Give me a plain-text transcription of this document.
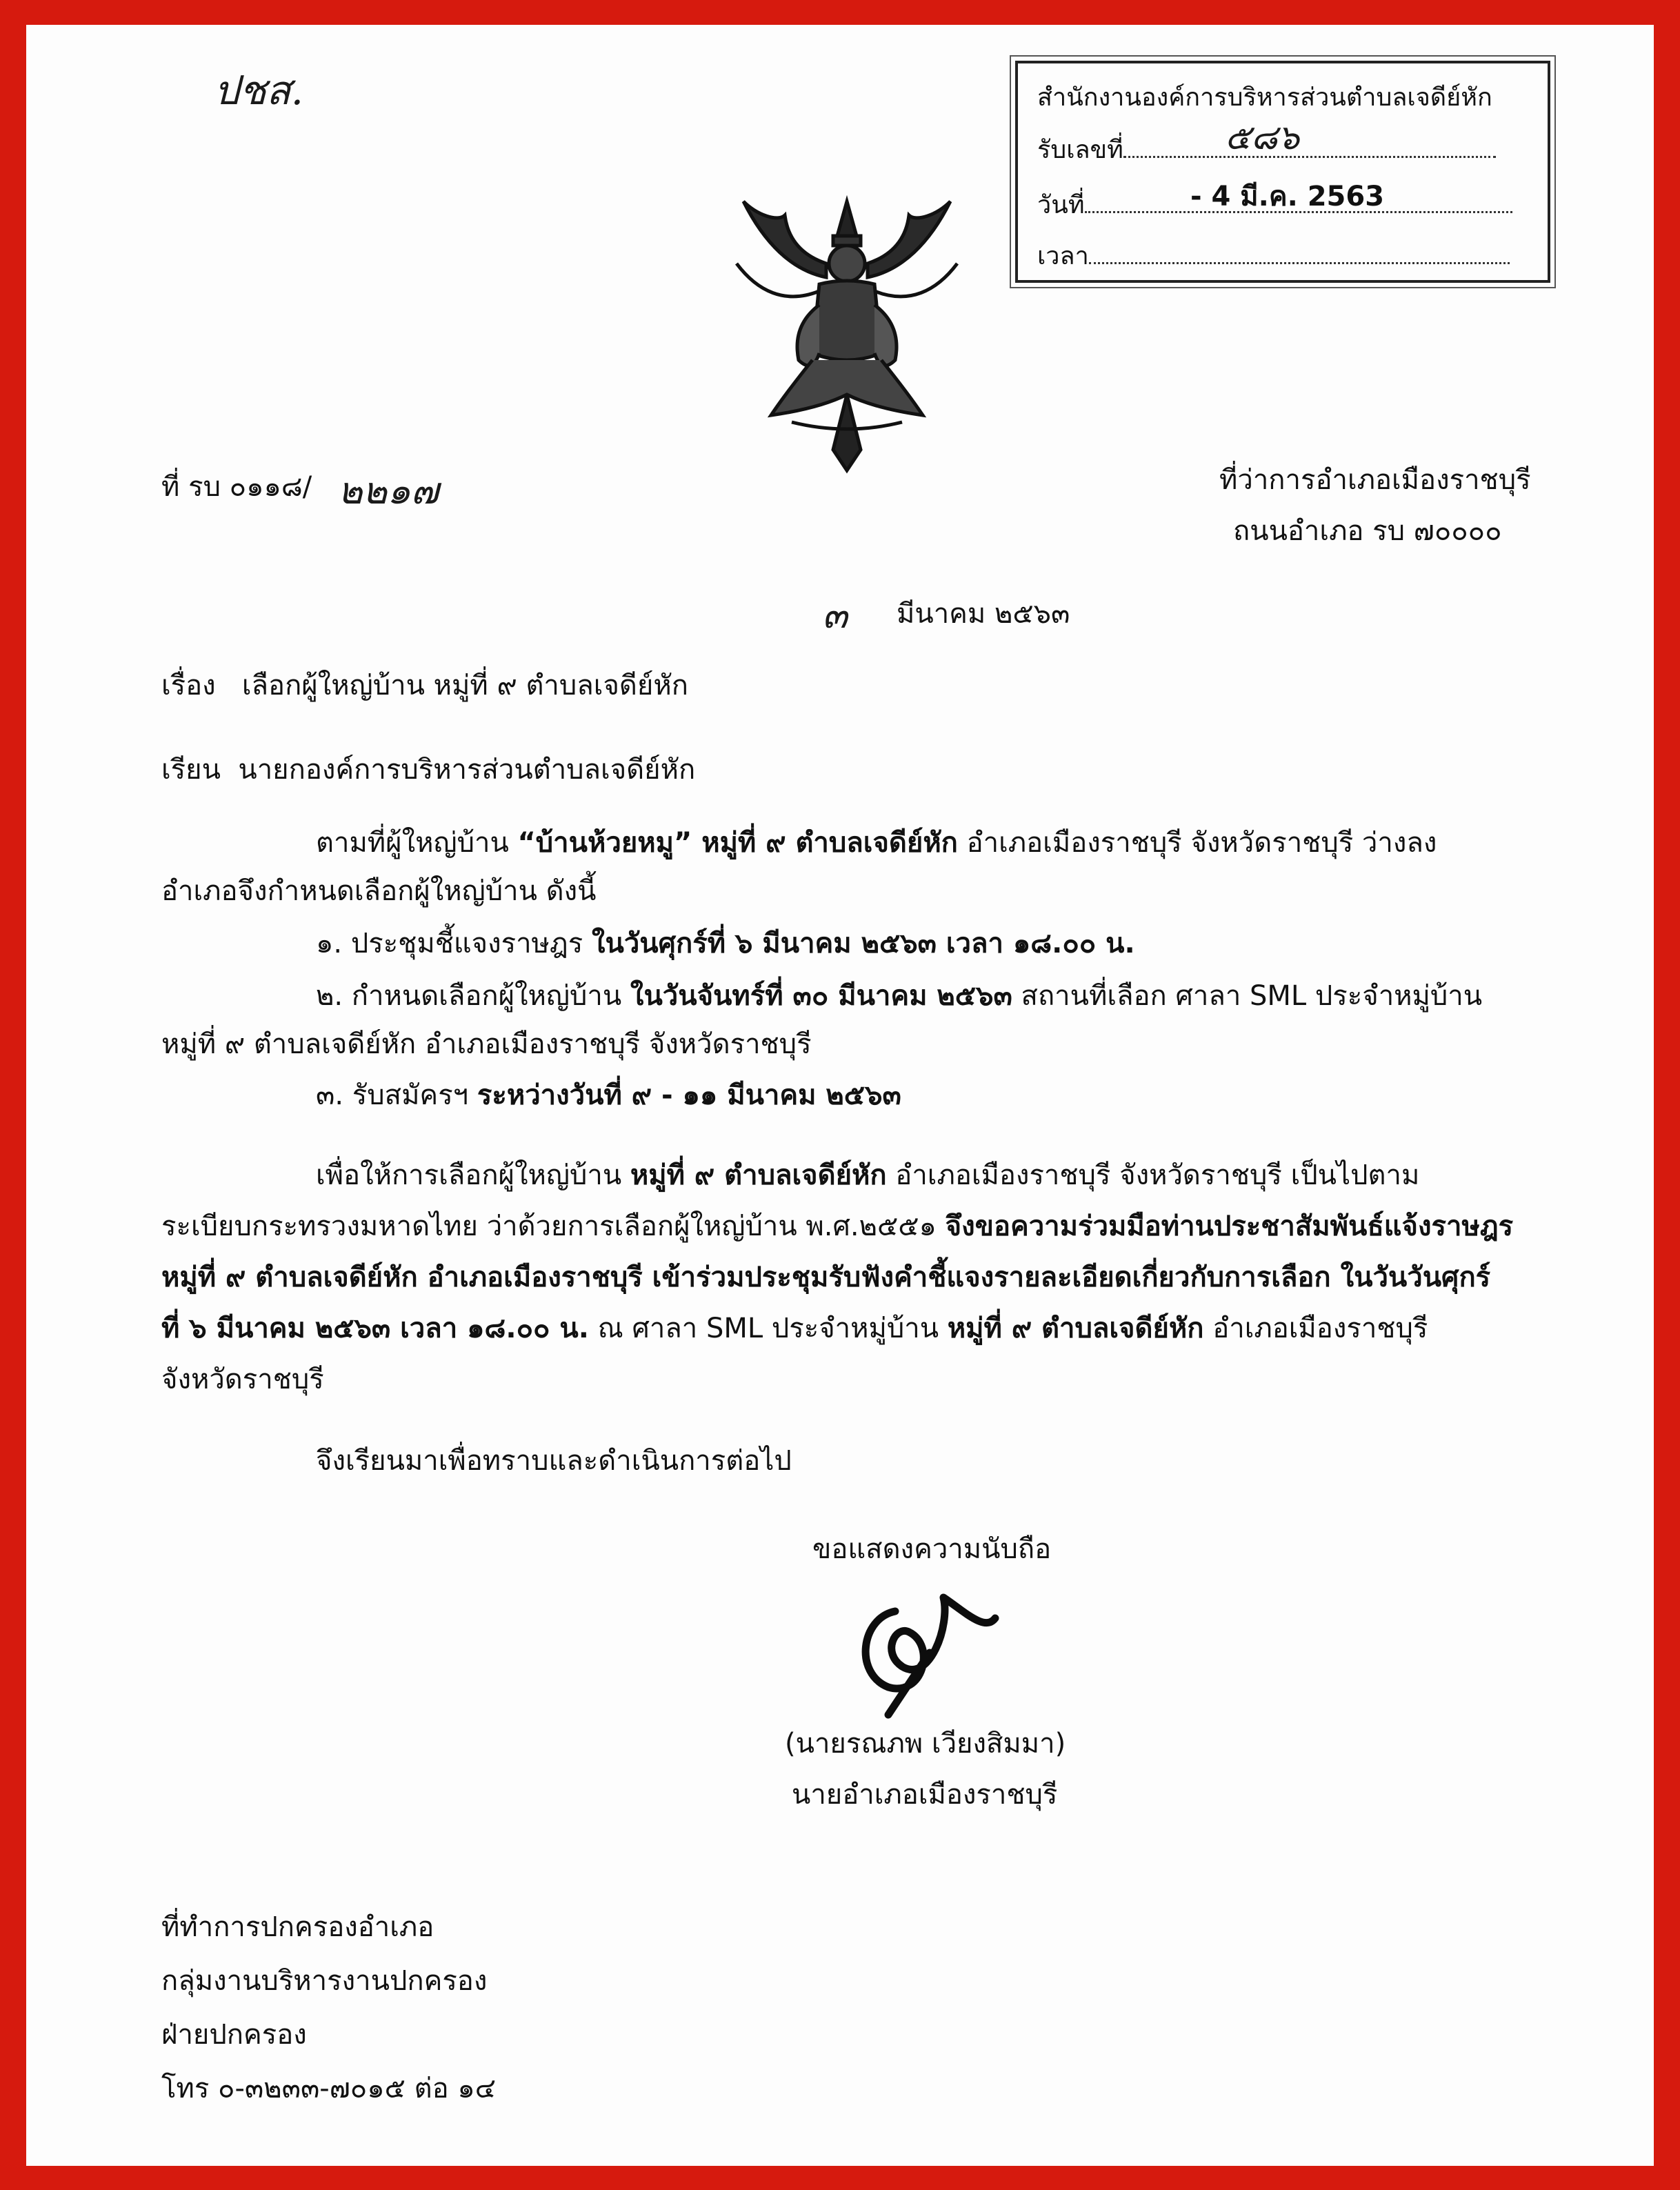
ปชส.	สำนักงานองค์การบริหารส่วนตำบลเจดีย์หัก
รับเลขที่	๕๘๖
วันที่	- 4 มี.ค. 2563
เวลา
ที่ รบ ๐๑๑๘/ ๒๒๑๗	ที่ว่าการอำเภอเมืองราชบุรี
ถนนอำเภอ รบ ๗๐๐๐๐
๓ มีนาคม ๒๕๖๓
เรื่อง เลือกผู้ใหญ่บ้าน หมู่ที่ ๙ ตำบลเจดีย์หัก
เรียน นายกองค์การบริหารส่วนตำบลเจดีย์หัก
ตามที่ผู้ใหญ่บ้าน “บ้านห้วยหมู” หมู่ที่ ๙ ตำบลเจดีย์หัก อำเภอเมืองราชบุรี จังหวัดราชบุรี ว่างลง
อำเภอจึงกำหนดเลือกผู้ใหญ่บ้าน ดังนี้
๑. ประชุมชี้แจงราษฎร ในวันศุกร์ที่ ๖ มีนาคม ๒๕๖๓ เวลา ๑๘.๐๐ น.
๒. กำหนดเลือกผู้ใหญ่บ้าน ในวันจันทร์ที่ ๓๐ มีนาคม ๒๕๖๓ สถานที่เลือก ศาลา SML ประจำหมู่บ้าน
หมู่ที่ ๙ ตำบลเจดีย์หัก อำเภอเมืองราชบุรี จังหวัดราชบุรี
๓. รับสมัครฯ ระหว่างวันที่ ๙ - ๑๑ มีนาคม ๒๕๖๓
เพื่อให้การเลือกผู้ใหญ่บ้าน หมู่ที่ ๙ ตำบลเจดีย์หัก อำเภอเมืองราชบุรี จังหวัดราชบุรี เป็นไปตาม
ระเบียบกระทรวงมหาดไทย ว่าด้วยการเลือกผู้ใหญ่บ้าน พ.ศ.๒๕๕๑ จึงขอความร่วมมือท่านประชาสัมพันธ์แจ้งราษฎร
หมู่ที่ ๙ ตำบลเจดีย์หัก อำเภอเมืองราชบุรี เข้าร่วมประชุมรับฟังคำชี้แจงรายละเอียดเกี่ยวกับการเลือก ในวันวันศุกร์
ที่ ๖ มีนาคม ๒๕๖๓ เวลา ๑๘.๐๐ น. ณ ศาลา SML ประจำหมู่บ้าน หมู่ที่ ๙ ตำบลเจดีย์หัก อำเภอเมืองราชบุรี
จังหวัดราชบุรี
จึงเรียนมาเพื่อทราบและดำเนินการต่อไป
ขอแสดงความนับถือ
(นายรณภพ เวียงสิมมา)
นายอำเภอเมืองราชบุรี
ที่ทำการปกครองอำเภอ
กลุ่มงานบริหารงานปกครอง
ฝ่ายปกครอง
โทร ๐-๓๒๓๓-๗๐๑๕ ต่อ ๑๔
